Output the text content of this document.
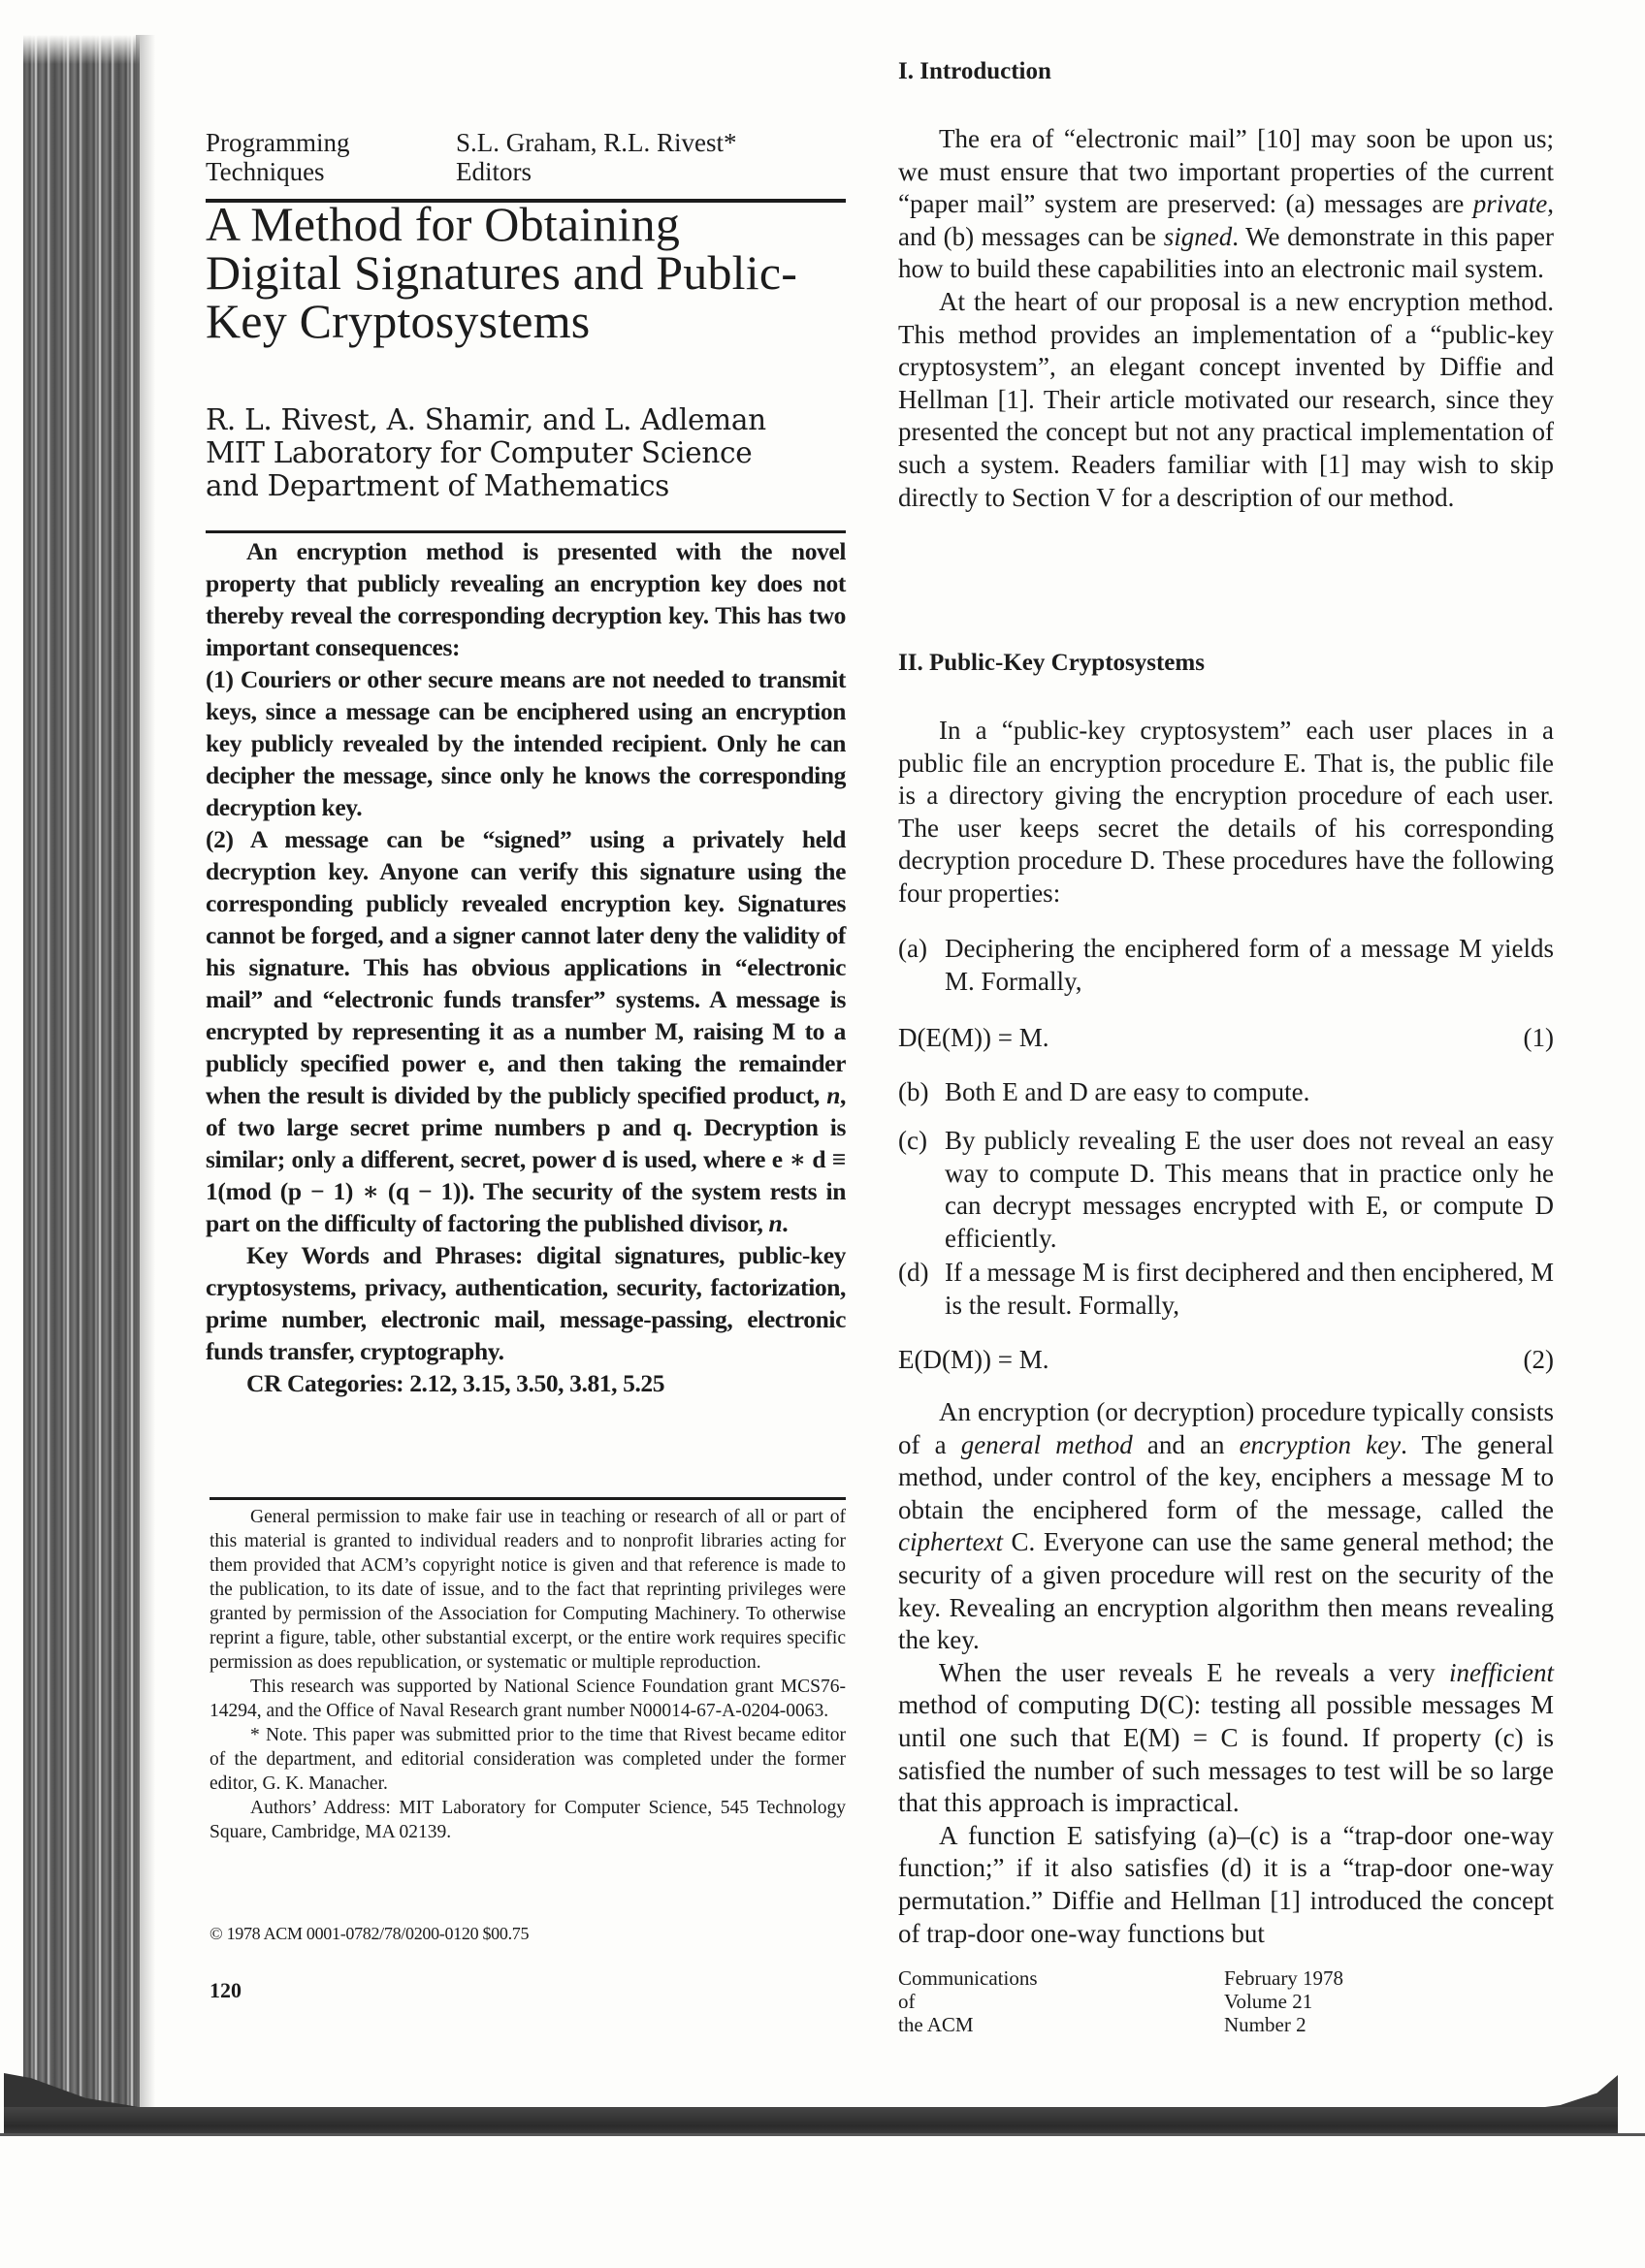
Programming
Techniques
S.L. Graham, R.L. Rivest*
Editors
A Method for Obtaining
Digital Signatures and Public-
Key Cryptosystems
R. L. Rivest, A. Shamir, and L. Adleman
MIT Laboratory for Computer Science
and Department of Mathematics

An encryption method is presented with the novel property that publicly revealing an encryption key does not thereby reveal the corresponding decryption key. This has two important consequences:

(1) Couriers or other secure means are not needed to transmit keys, since a message can be enciphered using an encryption key publicly revealed by the intended recipient. Only he can decipher the message, since only he knows the corresponding decryption key.

(2) A message can be “signed” using a privately held decryption key. Anyone can verify this signature using the corresponding publicly revealed encryption key. Signatures cannot be forged, and a signer cannot later deny the validity of his signature. This has obvious applications in “electronic mail” and “electronic funds transfer” systems. A message is encrypted by representing it as a number M, raising M to a publicly specified power e, and then taking the remainder when the result is divided by the publicly specified product, n, of two large secret prime numbers p and q. Decryption is similar; only a different, secret, power d is used, where e ∗ d ≡ 1(mod (p − 1) ∗ (q − 1)). The security of the system rests in part on the difficulty of factoring the published divisor, n.

Key Words and Phrases: digital signatures, public-key cryptosystems, privacy, authentication, security, factorization, prime number, electronic mail, message-passing, electronic funds transfer, cryptography.

CR Categories: 2.12, 3.15, 3.50, 3.81, 5.25

General permission to make fair use in teaching or research of all or part of this material is granted to individual readers and to nonprofit libraries acting for them provided that ACM’s copyright notice is given and that reference is made to the publication, to its date of issue, and to the fact that reprinting privileges were granted by permission of the Association for Computing Machinery. To otherwise reprint a figure, table, other substantial excerpt, or the entire work requires specific permission as does republication, or systematic or multiple reproduction.

This research was supported by National Science Foundation grant MCS76-14294, and the Office of Naval Research grant number N00014-67-A-0204-0063.

* Note. This paper was submitted prior to the time that Rivest became editor of the department, and editorial consideration was completed under the former editor, G. K. Manacher.

Authors’ Address: MIT Laboratory for Computer Science, 545 Technology Square, Cambridge, MA 02139.

© 1978 ACM 0001-0782/78/0200-0120 $00.75
120
I. Introduction

The era of “electronic mail” [10] may soon be upon us; we must ensure that two important properties of the current “paper mail” system are preserved: (a) messages are private, and (b) messages can be signed. We demonstrate in this paper how to build these capabilities into an electronic mail system.

At the heart of our proposal is a new encryption method. This method provides an implementation of a “public-key cryptosystem”, an elegant concept invented by Diffie and Hellman [1]. Their article motivated our research, since they presented the concept but not any practical implementation of such a system. Readers familiar with [1] may wish to skip directly to Section V for a description of our method.

II. Public-Key Cryptosystems

In a “public-key cryptosystem” each user places in a public file an encryption procedure E. That is, the public file is a directory giving the encryption procedure of each user. The user keeps secret the details of his corresponding decryption procedure D. These procedures have the following four properties:

(a) Deciphering the enciphered form of a message M yields M. Formally,
D(E(M)) = M.	(1)
(b) Both E and D are easy to compute.
(c) By publicly revealing E the user does not reveal an easy way to compute D. This means that in practice only he can decrypt messages encrypted with E, or compute D efficiently.
(d) If a message M is first deciphered and then enciphered, M is the result. Formally,
E(D(M)) = M.	(2)

An encryption (or decryption) procedure typically consists of a general method and an encryption key. The general method, under control of the key, enciphers a message M to obtain the enciphered form of the message, called the ciphertext C. Everyone can use the same general method; the security of a given procedure will rest on the security of the key. Revealing an encryption algorithm then means revealing the key.

When the user reveals E he reveals a very inefficient method of computing D(C): testing all possible messages M until one such that E(M) = C is found. If property (c) is satisfied the number of such messages to test will be so large that this approach is impractical.

A function E satisfying (a)–(c) is a “trap-door one-way function;” if it also satisfies (d) it is a “trap-door one-way permutation.” Diffie and Hellman [1] introduced the concept of trap-door one-way functions but

Communications
of
the ACM
February 1978
Volume 21
Number 2
